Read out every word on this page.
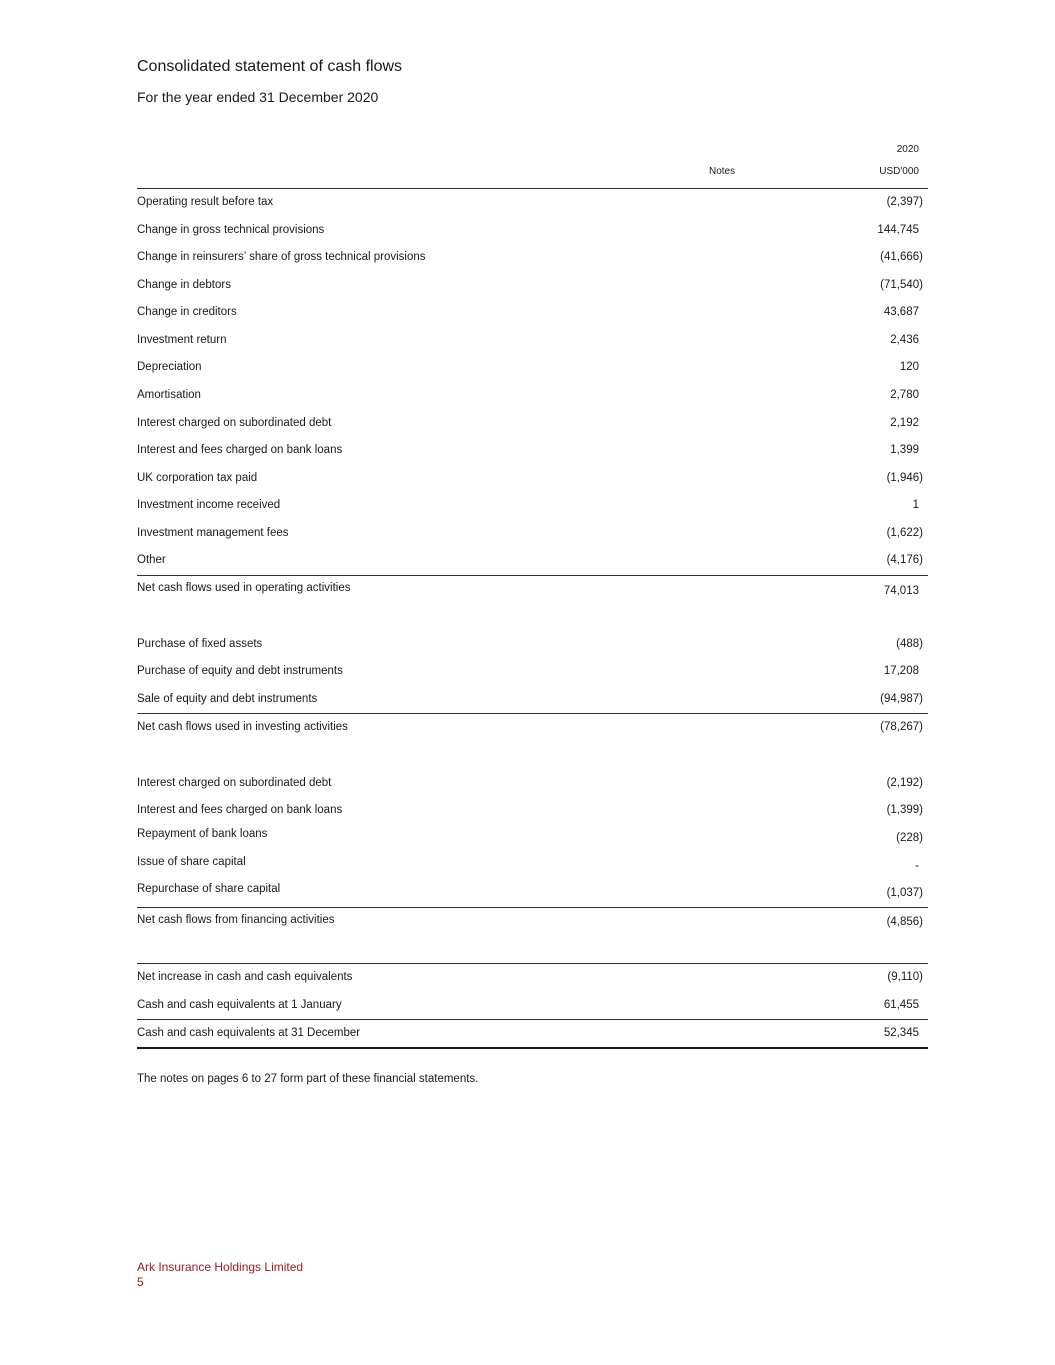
Consolidated statement of cash flows
For the year ended 31 December 2020
2020
Notes	USD'000
Operating result before tax	(2,397)
Change in gross technical provisions	144,745
Change in reinsurers’ share of gross technical provisions	(41,666)
Change in debtors	(71,540)
Change in creditors	43,687
Investment return	2,436
Depreciation	120
Amortisation	2,780
Interest charged on subordinated debt	2,192
Interest and fees charged on bank loans	1,399
UK corporation tax paid	(1,946)
Investment income received	1
Investment management fees	(1,622)
Other	(4,176)
Net cash flows used in operating activities	74,013
Purchase of fixed assets	(488)
Purchase of equity and debt instruments	17,208
Sale of equity and debt instruments	(94,987)
Net cash flows used in investing activities	(78,267)
Interest charged on subordinated debt	(2,192)
Interest and fees charged on bank loans	(1,399)
Repayment of bank loans	(228)
Issue of share capital	-
Repurchase of share capital	(1,037)
Net cash flows from financing activities	(4,856)
Net increase in cash and cash equivalents	(9,110)
Cash and cash equivalents at 1 January	61,455
Cash and cash equivalents at 31 December	52,345
The notes on pages 6 to 27 form part of these financial statements.
Ark Insurance Holdings Limited
5
